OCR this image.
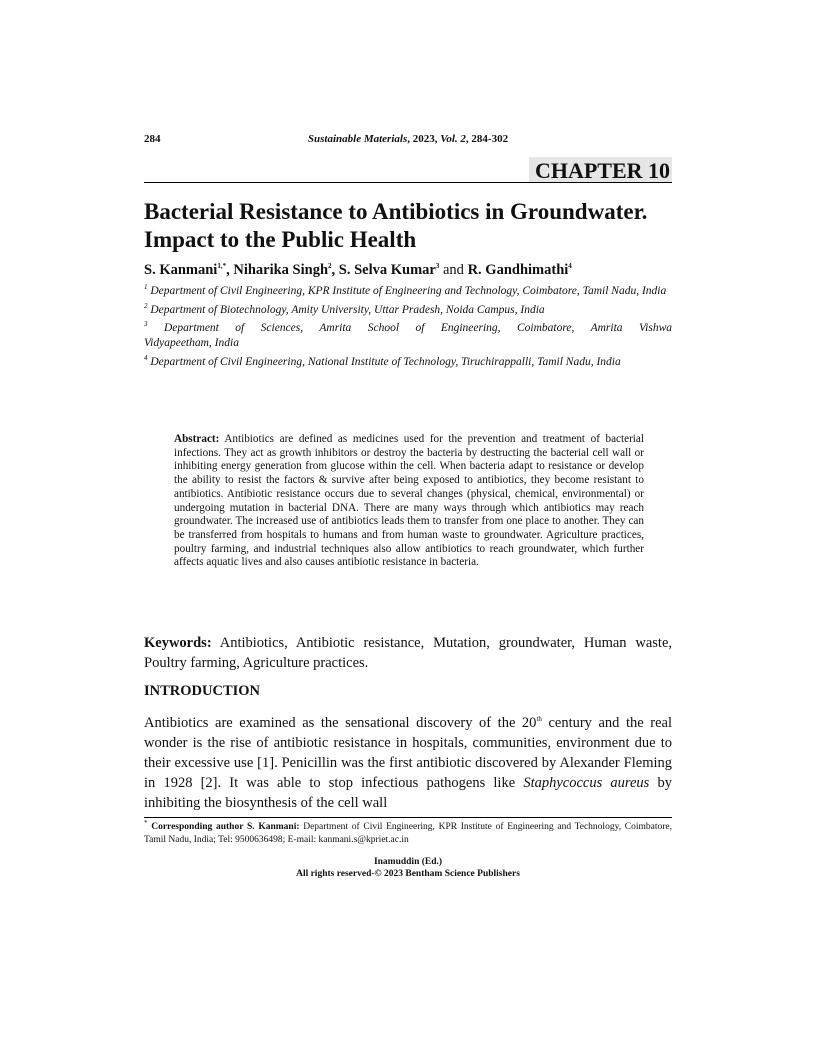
284	Sustainable Materials, 2023, Vol. 2, 284-302
CHAPTER 10
Bacterial Resistance to Antibiotics in Groundwater. Impact to the Public Health
S. Kanmani$^{1,*}$, Niharika Singh$^2$, S. Selva Kumar$^3$ and R. Gandhimathi$^4$

$^1$ Department of Civil Engineering, KPR Institute of Engineering and Technology, Coimbatore, Tamil Nadu, India

$^2$ Department of Biotechnology, Amity University, Uttar Pradesh, Noida Campus, India

$^3$ Department of Sciences, Amrita School of Engineering, Coimbatore, Amrita Vishwa
Vidyapeetham, India

$^4$ Department of Civil Engineering, National Institute of Technology, Tiruchirappalli, Tamil Nadu, India

Abstract: Antibiotics are defined as medicines used for the prevention and treatment of bacterial infections. They act as growth inhibitors or destroy the bacteria by destructing the bacterial cell wall or inhibiting energy generation from glucose within the cell. When bacteria adapt to resistance or develop the ability to resist the factors & survive after being exposed to antibiotics, they become resistant to antibiotics. Antibiotic resistance occurs due to several changes (physical, chemical, environmental) or undergoing mutation in bacterial DNA. There are many ways through which antibiotics may reach groundwater. The increased use of antibiotics leads them to transfer from one place to another. They can be transferred from hospitals to humans and from human waste to groundwater. Agriculture practices, poultry farming, and industrial techniques also allow antibiotics to reach groundwater, which further affects aquatic lives and also causes antibiotic resistance in bacteria.

Keywords: Antibiotics, Antibiotic resistance, Mutation, groundwater, Human waste, Poultry farming, Agriculture practices.

INTRODUCTION

Antibiotics are examined as the sensational discovery of the 20th century and the real wonder is the rise of antibiotic resistance in hospitals, communities, environment due to their excessive use [1]. Penicillin was the first antibiotic discovered by Alexander Fleming in 1928 [2]. It was able to stop infectious pathogens like Staphycoccus aureus by inhibiting the biosynthesis of the cell wall

* Corresponding author S. Kanmani: Department of Civil Engineering, KPR Institute of Engineering and Technology, Coimbatore, Tamil Nadu, India; Tel: 9500636498; E-mail: kanmani.s@kpriet.ac.in

Inamuddin (Ed.)
All rights reserved-© 2023 Bentham Science Publishers
